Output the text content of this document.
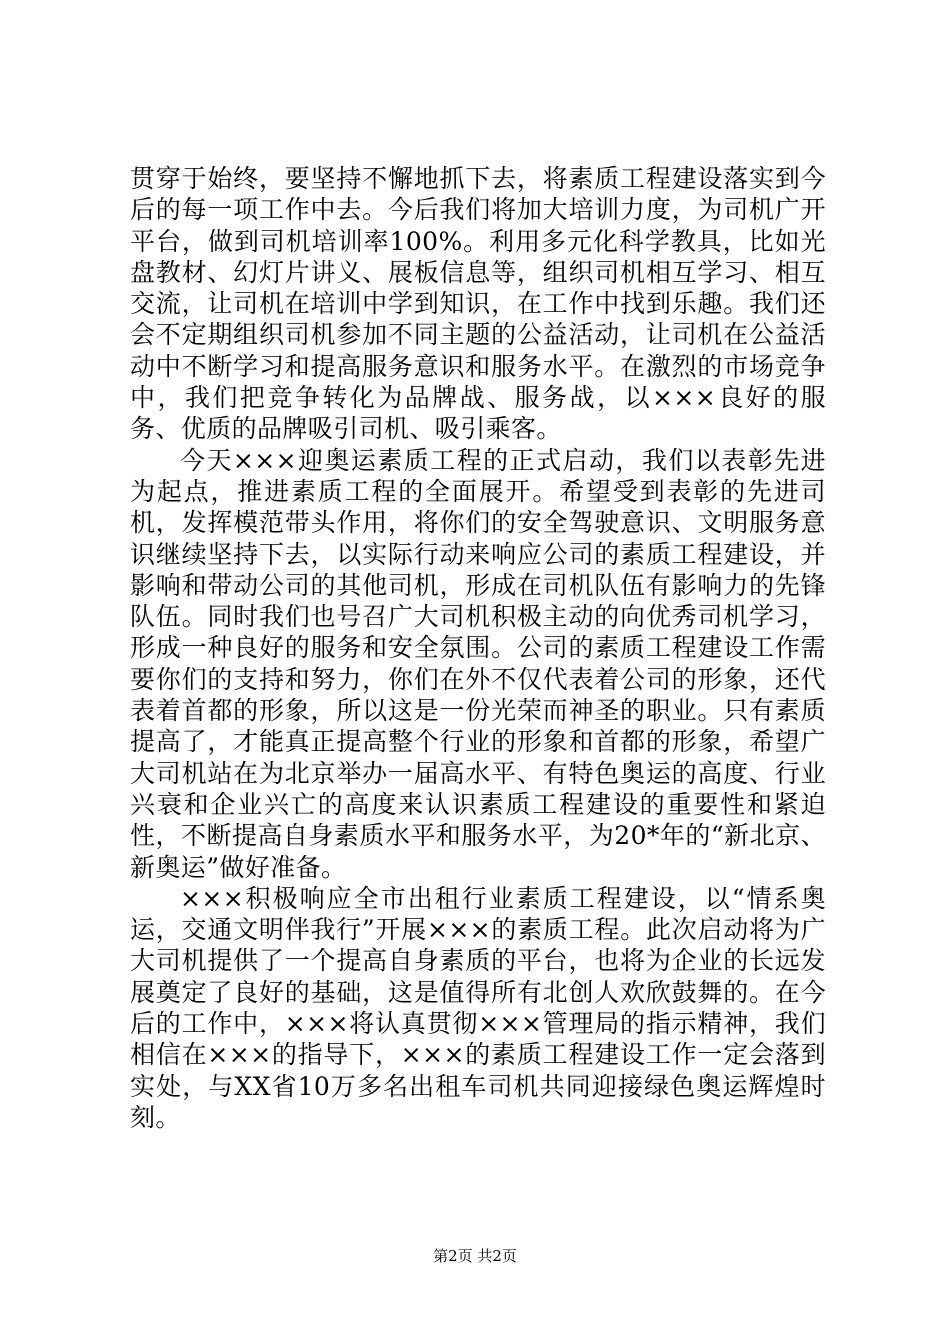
贯穿于始终，要坚持不懈地抓下去，将素质工程建设落实到今后的每一项工作中去。今后我们将加大培训力度，为司机广开平台，做到司机培训率100%。利用多元化科学教具，比如光盘教材、幻灯片讲义、展板信息等，组织司机相互学习、相互交流，让司机在培训中学到知识，在工作中找到乐趣。我们还会不定期组织司机参加不同主题的公益活动，让司机在公益活动中不断学习和提高服务意识和服务水平。在激烈的市场竞争中，我们把竞争转化为品牌战、服务战，以×××良好的服务、优质的品牌吸引司机、吸引乘客。

今天×××迎奥运素质工程的正式启动，我们以表彰先进为起点，推进素质工程的全面展开。希望受到表彰的先进司机，发挥模范带头作用，将你们的安全驾驶意识、文明服务意识继续坚持下去，以实际行动来响应公司的素质工程建设，并影响和带动公司的其他司机，形成在司机队伍有影响力的先锋队伍。同时我们也号召广大司机积极主动的向优秀司机学习，形成一种良好的服务和安全氛围。公司的素质工程建设工作需要你们的支持和努力，你们在外不仅代表着公司的形象，还代表着首都的形象，所以这是一份光荣而神圣的职业。只有素质提高了，才能真正提高整个行业的形象和首都的形象，希望广大司机站在为北京举办一届高水平、有特色奥运的高度、行业兴衰和企业兴亡的高度来认识素质工程建设的重要性和紧迫性，不断提高自身素质水平和服务水平，为20*年的“新北京、新奥运”做好准备。

×××积极响应全市出租行业素质工程建设，以“情系奥运，交通文明伴我行”开展×××的素质工程。此次启动将为广大司机提供了一个提高自身素质的平台，也将为企业的长远发展奠定了良好的基础，这是值得所有北创人欢欣鼓舞的。在今后的工作中，×××将认真贯彻×××管理局的指示精神，我们相信在×××的指导下，×××的素质工程建设工作一定会落到实处，与XX省10万多名出租车司机共同迎接绿色奥运辉煌时刻。

第2页 共2页
